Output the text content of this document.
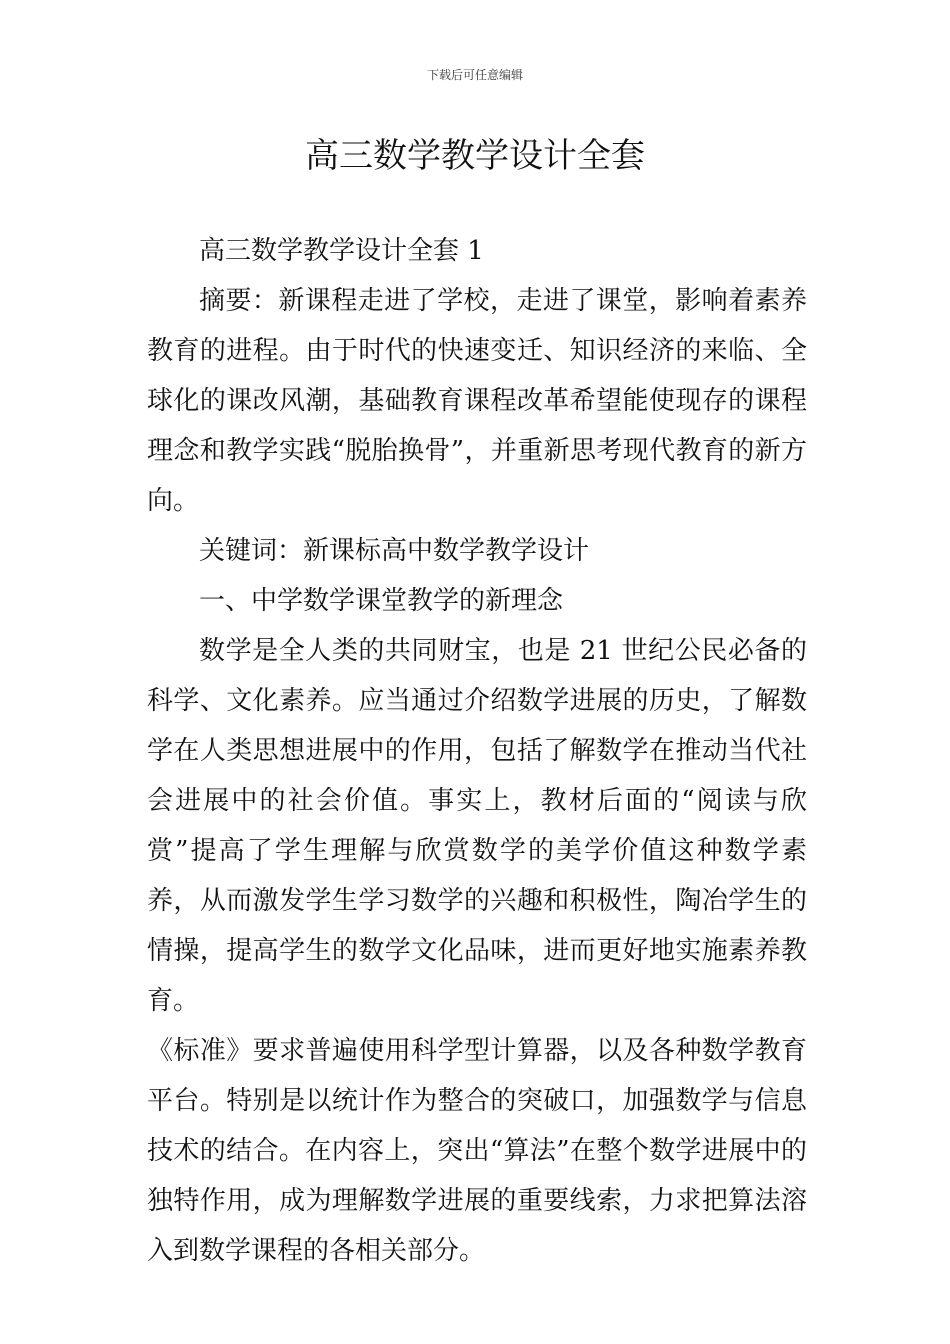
下载后可任意编辑
高三数学教学设计全套

高三数学教学设计全套 1

摘要：新课程走进了学校，走进了课堂，影响着素养教育的进程。由于时代的快速变迁、知识经济的来临、全球化的课改风潮，基础教育课程改革希望能使现存的课程理念和教学实践“脱胎换骨”，并重新思考现代教育的新方向。

关键词：新课标高中数学教学设计

一、中学数学课堂教学的新理念

数学是全人类的共同财宝，也是 21 世纪公民必备的科学、文化素养。应当通过介绍数学进展的历史，了解数学在人类思想进展中的作用，包括了解数学在推动当代社会进展中的社会价值。事实上，教材后面的“阅读与欣赏”提高了学生理解与欣赏数学的美学价值这种数学素养，从而激发学生学习数学的兴趣和积极性，陶冶学生的情操，提高学生的数学文化品味，进而更好地实施素养教育。

《标准》要求普遍使用科学型计算器，以及各种数学教育平台。特别是以统计作为整合的突破口，加强数学与信息技术的结合。在内容上，突出“算法”在整个数学进展中的独特作用，成为理解数学进展的重要线索，力求把算法溶入到数学课程的各相关部分。
